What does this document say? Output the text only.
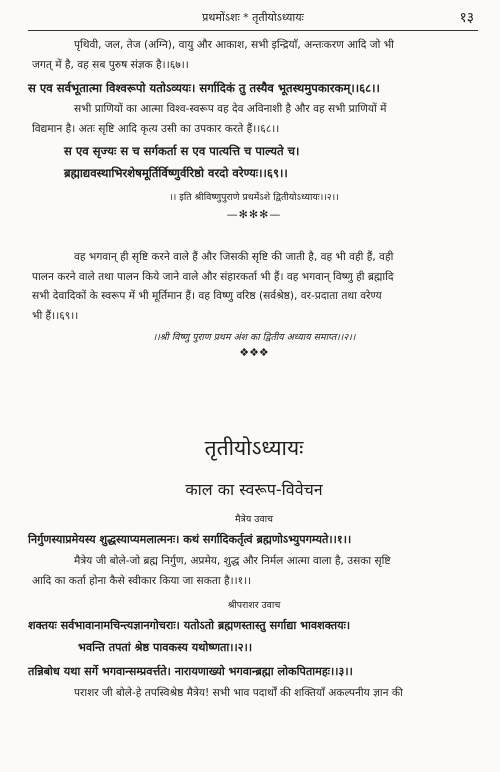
प्रथमोंऽशः * तृतीयोऽध्यायः	१३

पृथिवी, जल, तेज (अग्नि), वायु और आकाश, सभी इन्द्रियाँ, अन्तःकरण आदि जो भी

जगत् में है, वह सब पुरुष संज्ञक है।।६७।।

स एव सर्वभूतात्मा विश्वरूपो यतोऽव्ययः। सर्गादिकं तु तस्यैव भूतस्थमुपकारकम्।।६८।।

सभी प्राणियों का आत्मा विश्व-स्वरूप वह देव अविनाशी है और वह सभी प्राणियों में

विद्यमान है। अतः सृष्टि आदि कृत्य उसी का उपकार करते हैं।।६८।।

स एव सृज्यः स च सर्गकर्ता स एव पात्यत्ति च पाल्यते च।

ब्रह्माद्यवस्थाभिरशेषमूर्तिर्विष्णुर्वरिष्ठो वरदो वरेण्यः।।६९।।

।। इति श्रीविष्णुपुराणे प्रथमेंऽशे द्वितीयोऽध्यायः।।२।।
—✻✻✻—

वह भगवान् ही सृष्टि करने वाले हैं और जिसकी सृष्टि की जाती है, वह भी वही हैं, वही

पालन करने वाले तथा पालन किये जाने वाले और संहारकर्ता भी हैं। वह भगवान् विष्णु ही ब्रह्मादि

सभी देवादिकों के स्वरूप में भी मूर्तिमान हैं। वह विष्णु वरिष्ठ (सर्वश्रेष्ठ), वर-प्रदाता तथा वरेण्य

भी हैं।।६९।।

।।श्री विष्णु पुराण प्रथम अंश का द्वितीय अध्याय समाप्त।।२।।
❖❖❖
तृतीयोऽध्यायः
काल का स्वरूप-विवेचन
मैत्रेय उवाच

निर्गुणस्याप्रमेयस्य शुद्धस्याप्यमलात्मनः। कथं सर्गादिकर्तृत्वं ब्रह्मणोऽभ्युपगम्यते।।१।।

मैत्रेय जी बोले-जो ब्रह्म निर्गुण, अप्रमेय, शुद्ध और निर्मल आत्मा वाला है, उसका सृष्टि

आदि का कर्ता होना कैसे स्वीकार किया जा सकता है।।१।।

श्रीपराशर उवाच

शक्तयः सर्वभावानामचिन्त्यज्ञानगोचराः। यतोऽतो ब्रह्मणस्तास्तु सर्गाद्या भावशक्तयः।

भवन्ति तपतां श्रेष्ठ पावकस्य यथोष्णता।।२।।

तन्निबोध यथा सर्गे भगवान्सम्प्रवर्त्तते। नारायणाख्यो भगवान्ब्रह्मा लोकपितामहः।।३।।

पराशर जी बोले-हे तपस्विश्रेष्ठ मैत्रेय! सभी भाव पदार्थों की शक्तियाँ अकल्पनीय ज्ञान की
